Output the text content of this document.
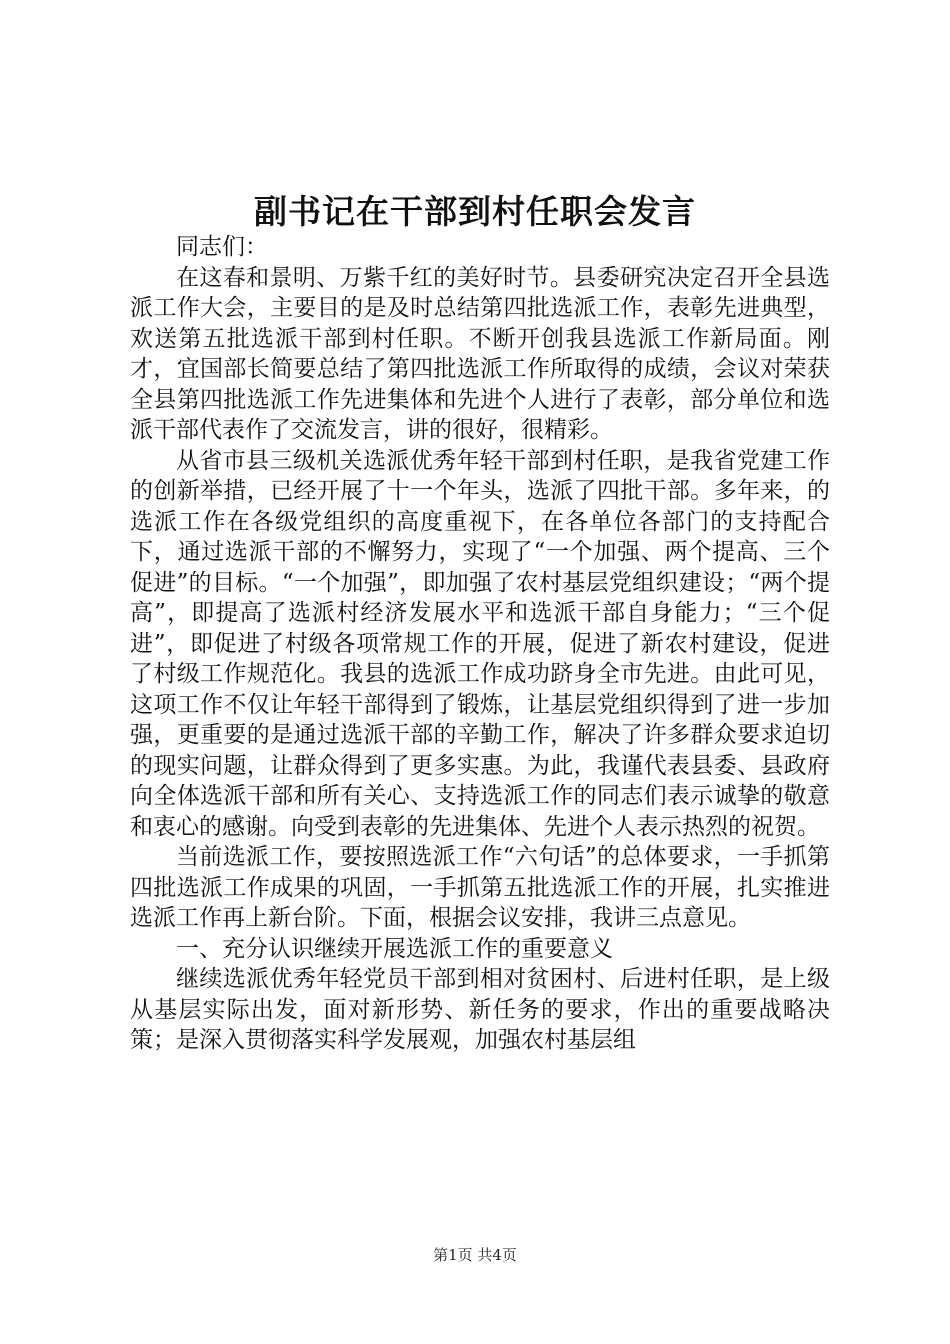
副书记在干部到村任职会发言

同志们：

在这春和景明、万紫千红的美好时节。县委研究决定召开全县选派工作大会，主要目的是及时总结第四批选派工作，表彰先进典型，欢送第五批选派干部到村任职。不断开创我县选派工作新局面。刚才，宜国部长简要总结了第四批选派工作所取得的成绩，会议对荣获全县第四批选派工作先进集体和先进个人进行了表彰，部分单位和选派干部代表作了交流发言，讲的很好，很精彩。

从省市县三级机关选派优秀年轻干部到村任职，是我省党建工作的创新举措，已经开展了十一个年头，选派了四批干部。多年来，的选派工作在各级党组织的高度重视下，在各单位各部门的支持配合下，通过选派干部的不懈努力，实现了“一个加强、两个提高、三个促进”的目标。“一个加强”，即加强了农村基层党组织建设；“两个提高”，即提高了选派村经济发展水平和选派干部自身能力；“三个促进”，即促进了村级各项常规工作的开展，促进了新农村建设，促进了村级工作规范化。我县的选派工作成功跻身全市先进。由此可见，这项工作不仅让年轻干部得到了锻炼，让基层党组织得到了进一步加强，更重要的是通过选派干部的辛勤工作，解决了许多群众要求迫切的现实问题，让群众得到了更多实惠。为此，我谨代表县委、县政府向全体选派干部和所有关心、支持选派工作的同志们表示诚挚的敬意和衷心的感谢。向受到表彰的先进集体、先进个人表示热烈的祝贺。

当前选派工作，要按照选派工作“六句话”的总体要求，一手抓第四批选派工作成果的巩固，一手抓第五批选派工作的开展，扎实推进选派工作再上新台阶。下面，根据会议安排，我讲三点意见。

一、充分认识继续开展选派工作的重要意义

继续选派优秀年轻党员干部到相对贫困村、后进村任职，是上级从基层实际出发，面对新形势、新任务的要求，作出的重要战略决策；是深入贯彻落实科学发展观，加强农村基层组

第1页 共4页
